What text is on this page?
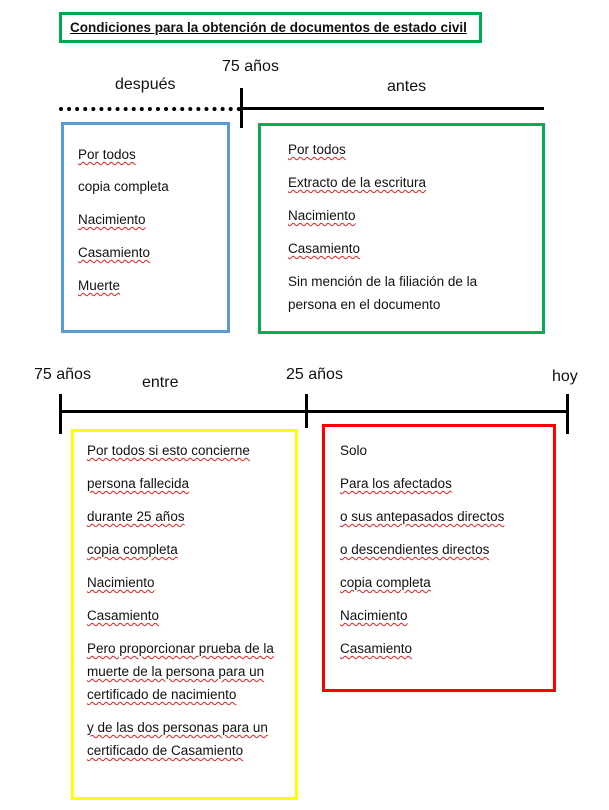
Condiciones para la obtención de documentos de estado civil
75 años
después	antes
Por todos
copia completa
Nacimiento
Casamiento
Muerte
Por todos
Extracto de la escritura
Nacimiento
Casamiento
Sin mención de la filiación de la
persona en el documento
75 años	entre	25 años	hoy
Por todos si esto concierne
persona fallecida
durante 25 años
copia completa
Nacimiento
Casamiento
Pero proporcionar prueba de la
muerte de la persona para un
certificado de nacimiento
y de las dos personas para un
certificado de Casamiento
Solo
Para los afectados
o sus antepasados directos
o descendientes directos
copia completa
Nacimiento
Casamiento
